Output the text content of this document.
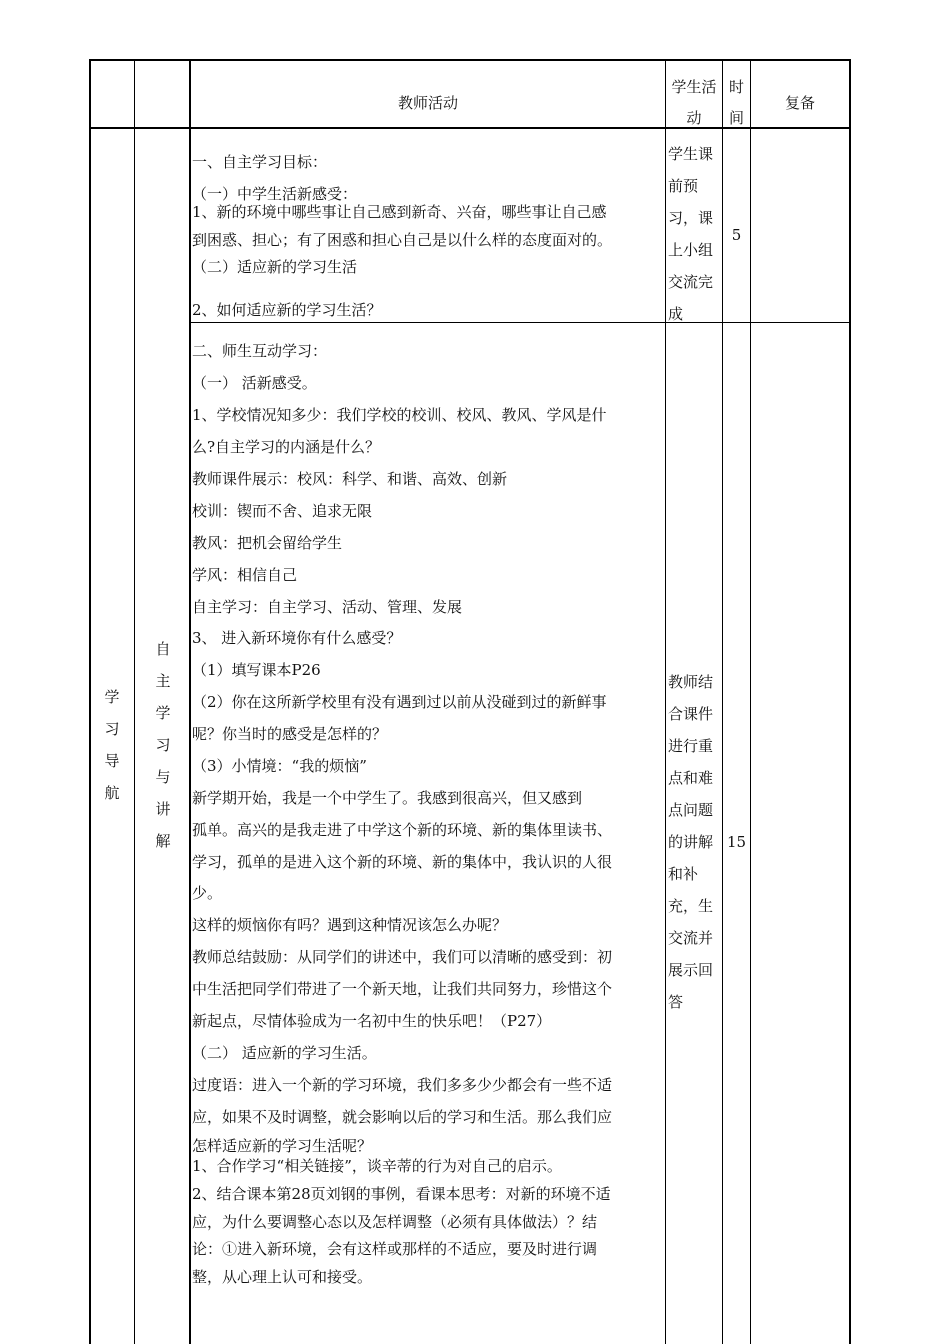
教师活动
学生活
动
时
间
复备
学
习
导
航
自
主
学
习
与
讲
解
一、自主学习目标：
（一）中学生活新感受：
1、新的环境中哪些事让自己感到新奇、兴奋，哪些事让自己感
到困惑、担心；有了困惑和担心自己是以什么样的态度面对的。
（二）适应新的学习生活
2、如何适应新的学习生活？
学生课
前预
习，课
上小组
交流完
成
5
二、师生互动学习：
（一） 活新感受。
1、学校情况知多少：我们学校的校训、校风、教风、学风是什
么?自主学习的内涵是什么？
教师课件展示：校风：科学、和谐、高效、创新
校训：锲而不舍、追求无限
教风：把机会留给学生
学风：相信自己
自主学习：自主学习、活动、管理、发展
3、 进入新环境你有什么感受？
（1）填写课本P26
（2）你在这所新学校里有没有遇到过以前从没碰到过的新鲜事
呢？你当时的感受是怎样的？
（3）小情境：“我的烦恼”
新学期开始，我是一个中学生了。我感到很高兴，但又感到
孤单。高兴的是我走进了中学这个新的环境、新的集体里读书、
学习，孤单的是进入这个新的环境、新的集体中，我认识的人很
少。
这样的烦恼你有吗？遇到这种情况该怎么办呢？
教师总结鼓励：从同学们的讲述中，我们可以清晰的感受到：初
中生活把同学们带进了一个新天地，让我们共同努力，珍惜这个
新起点，尽情体验成为一名初中生的快乐吧！（P27）
（二） 适应新的学习生活。
过度语：进入一个新的学习环境，我们多多少少都会有一些不适
应，如果不及时调整，就会影响以后的学习和生活。那么我们应
怎样适应新的学习生活呢？
1、合作学习“相关链接”，谈辛蒂的行为对自己的启示。
2、结合课本第28页刘钢的事例，看课本思考：对新的环境不适
应，为什么要调整心态以及怎样调整（必须有具体做法）？结
论：①进入新环境，会有这样或那样的不适应，要及时进行调
整，从心理上认可和接受。
教师结
合课件
进行重
点和难
点问题
的讲解
和补
充，生
交流并
展示回
答
15
